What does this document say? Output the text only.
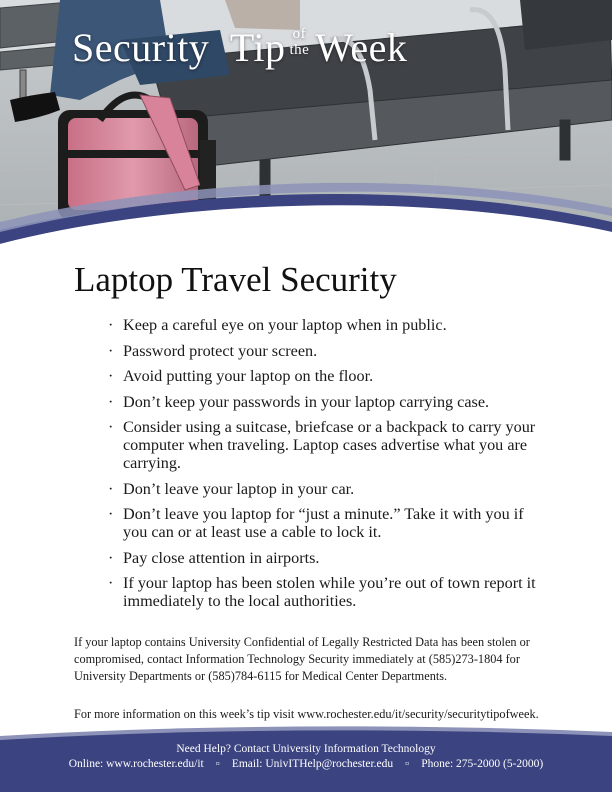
Security Tip of
the Week
Laptop Travel Security
· Keep a careful eye on your laptop when in public.
· Password protect your screen.
· Avoid putting your laptop on the floor.
· Don’t keep your passwords in your laptop carrying case.
· Consider using a suitcase, briefcase or a backpack to carry your computer when traveling. Laptop cases advertise what you are carrying.
· Don’t leave your laptop in your car.
· Don’t leave you laptop for “just a minute.” Take it with you if you can or at least use a cable to lock it.
· Pay close attention in airports.
· If your laptop has been stolen while you’re out of town report it immediately to the local authorities.
If your laptop contains University Confidential of Legally Restricted Data has been stolen or compromised, contact Information Technology Security immediately at (585)273-1804 for University Departments or (585)784-6115 for Medical Center Departments.
For more information on this week’s tip visit www.rochester.edu/it/security/securitytipofweek.
Need Help? Contact University Information Technology
Online: www.rochester.edu/it ▫ Email: UnivITHelp@rochester.edu ▫ Phone: 275-2000 (5-2000)
